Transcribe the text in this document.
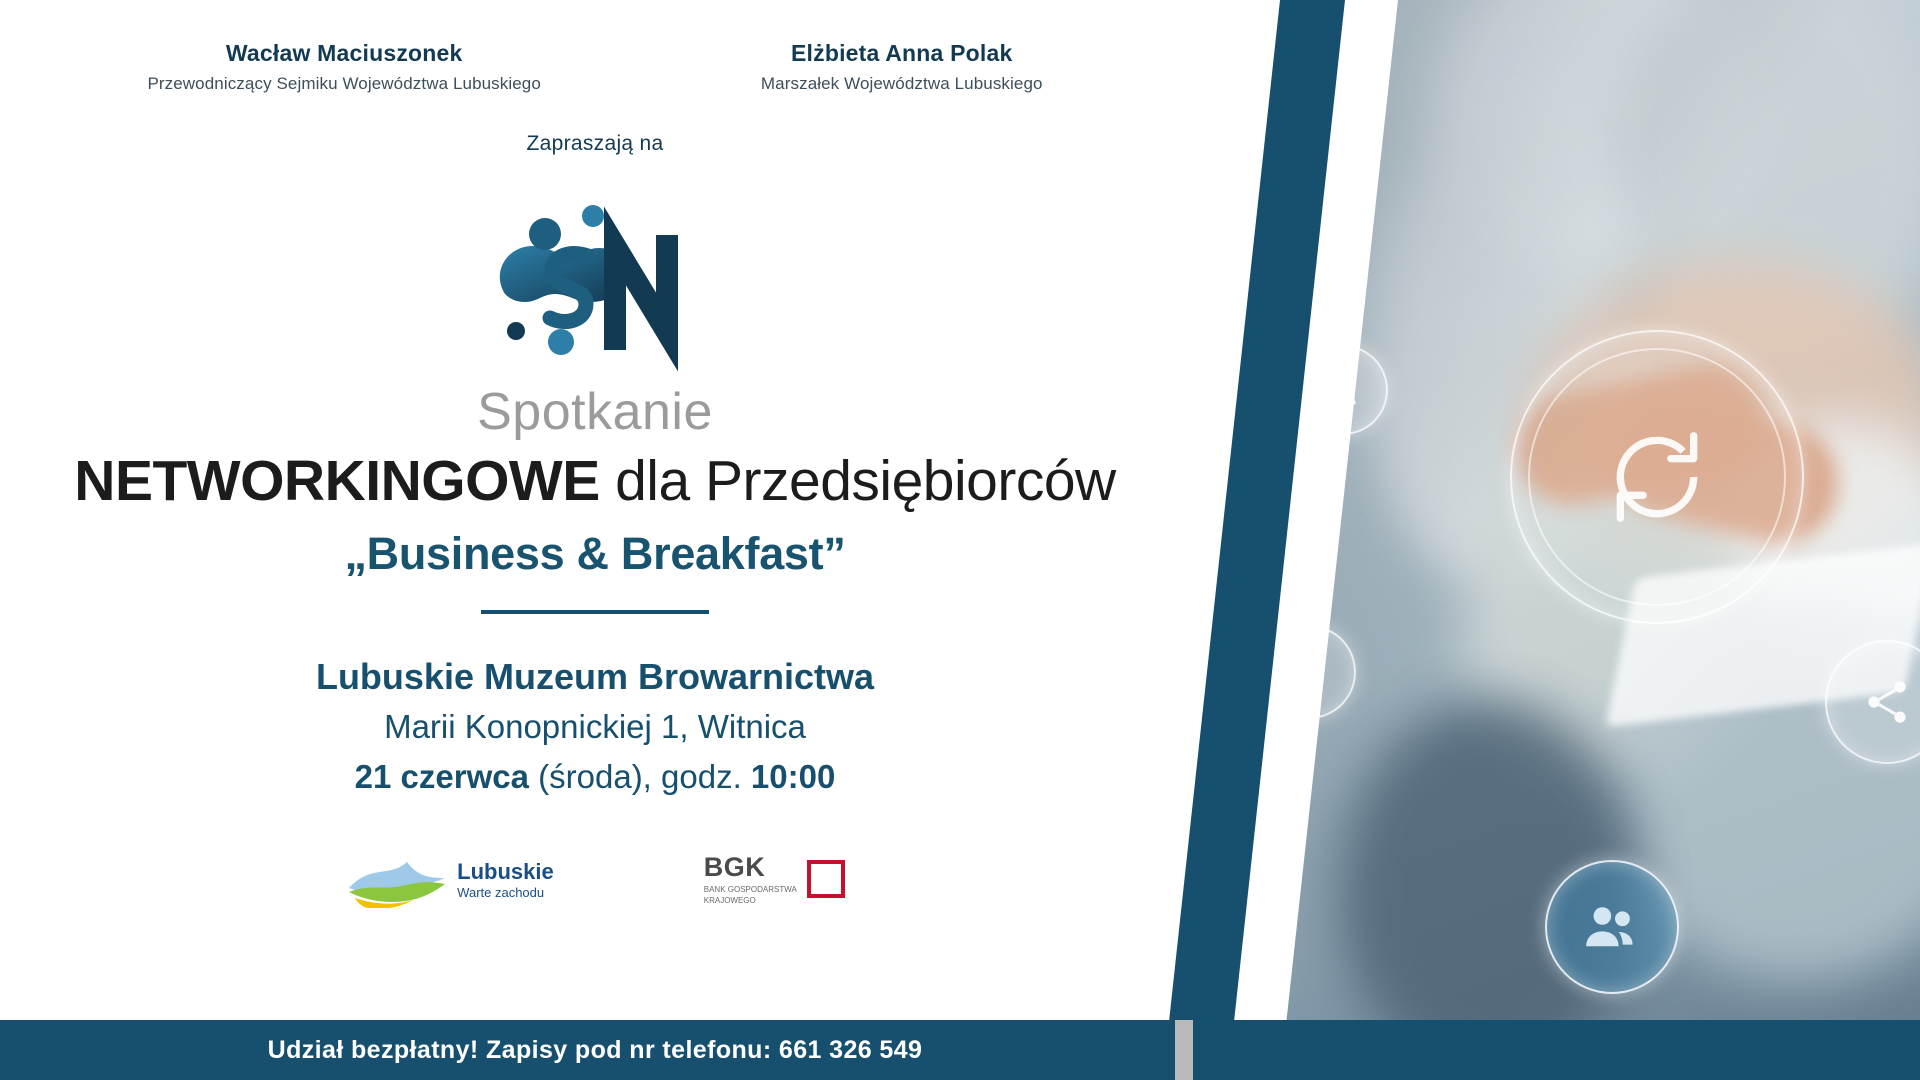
Wacław Maciuszonek
Przewodniczący Sejmiku Województwa Lubuskiego
Elżbieta Anna Polak
Marszałek Województwa Lubuskiego
Zapraszają na
Spotkanie
NETWORKINGOWE dla Przedsiębiorców
„Business & Breakfast”
Lubuskie Muzeum Browarnictwa
Marii Konopnickiej 1, Witnica
21 czerwca (środa), godz. 10:00
Lubuskie
Warte zachodu
BGK
BANK GOSPODARSTWA
KRAJOWEGO
Udział bezpłatny! Zapisy pod nr telefonu: 661 326 549
